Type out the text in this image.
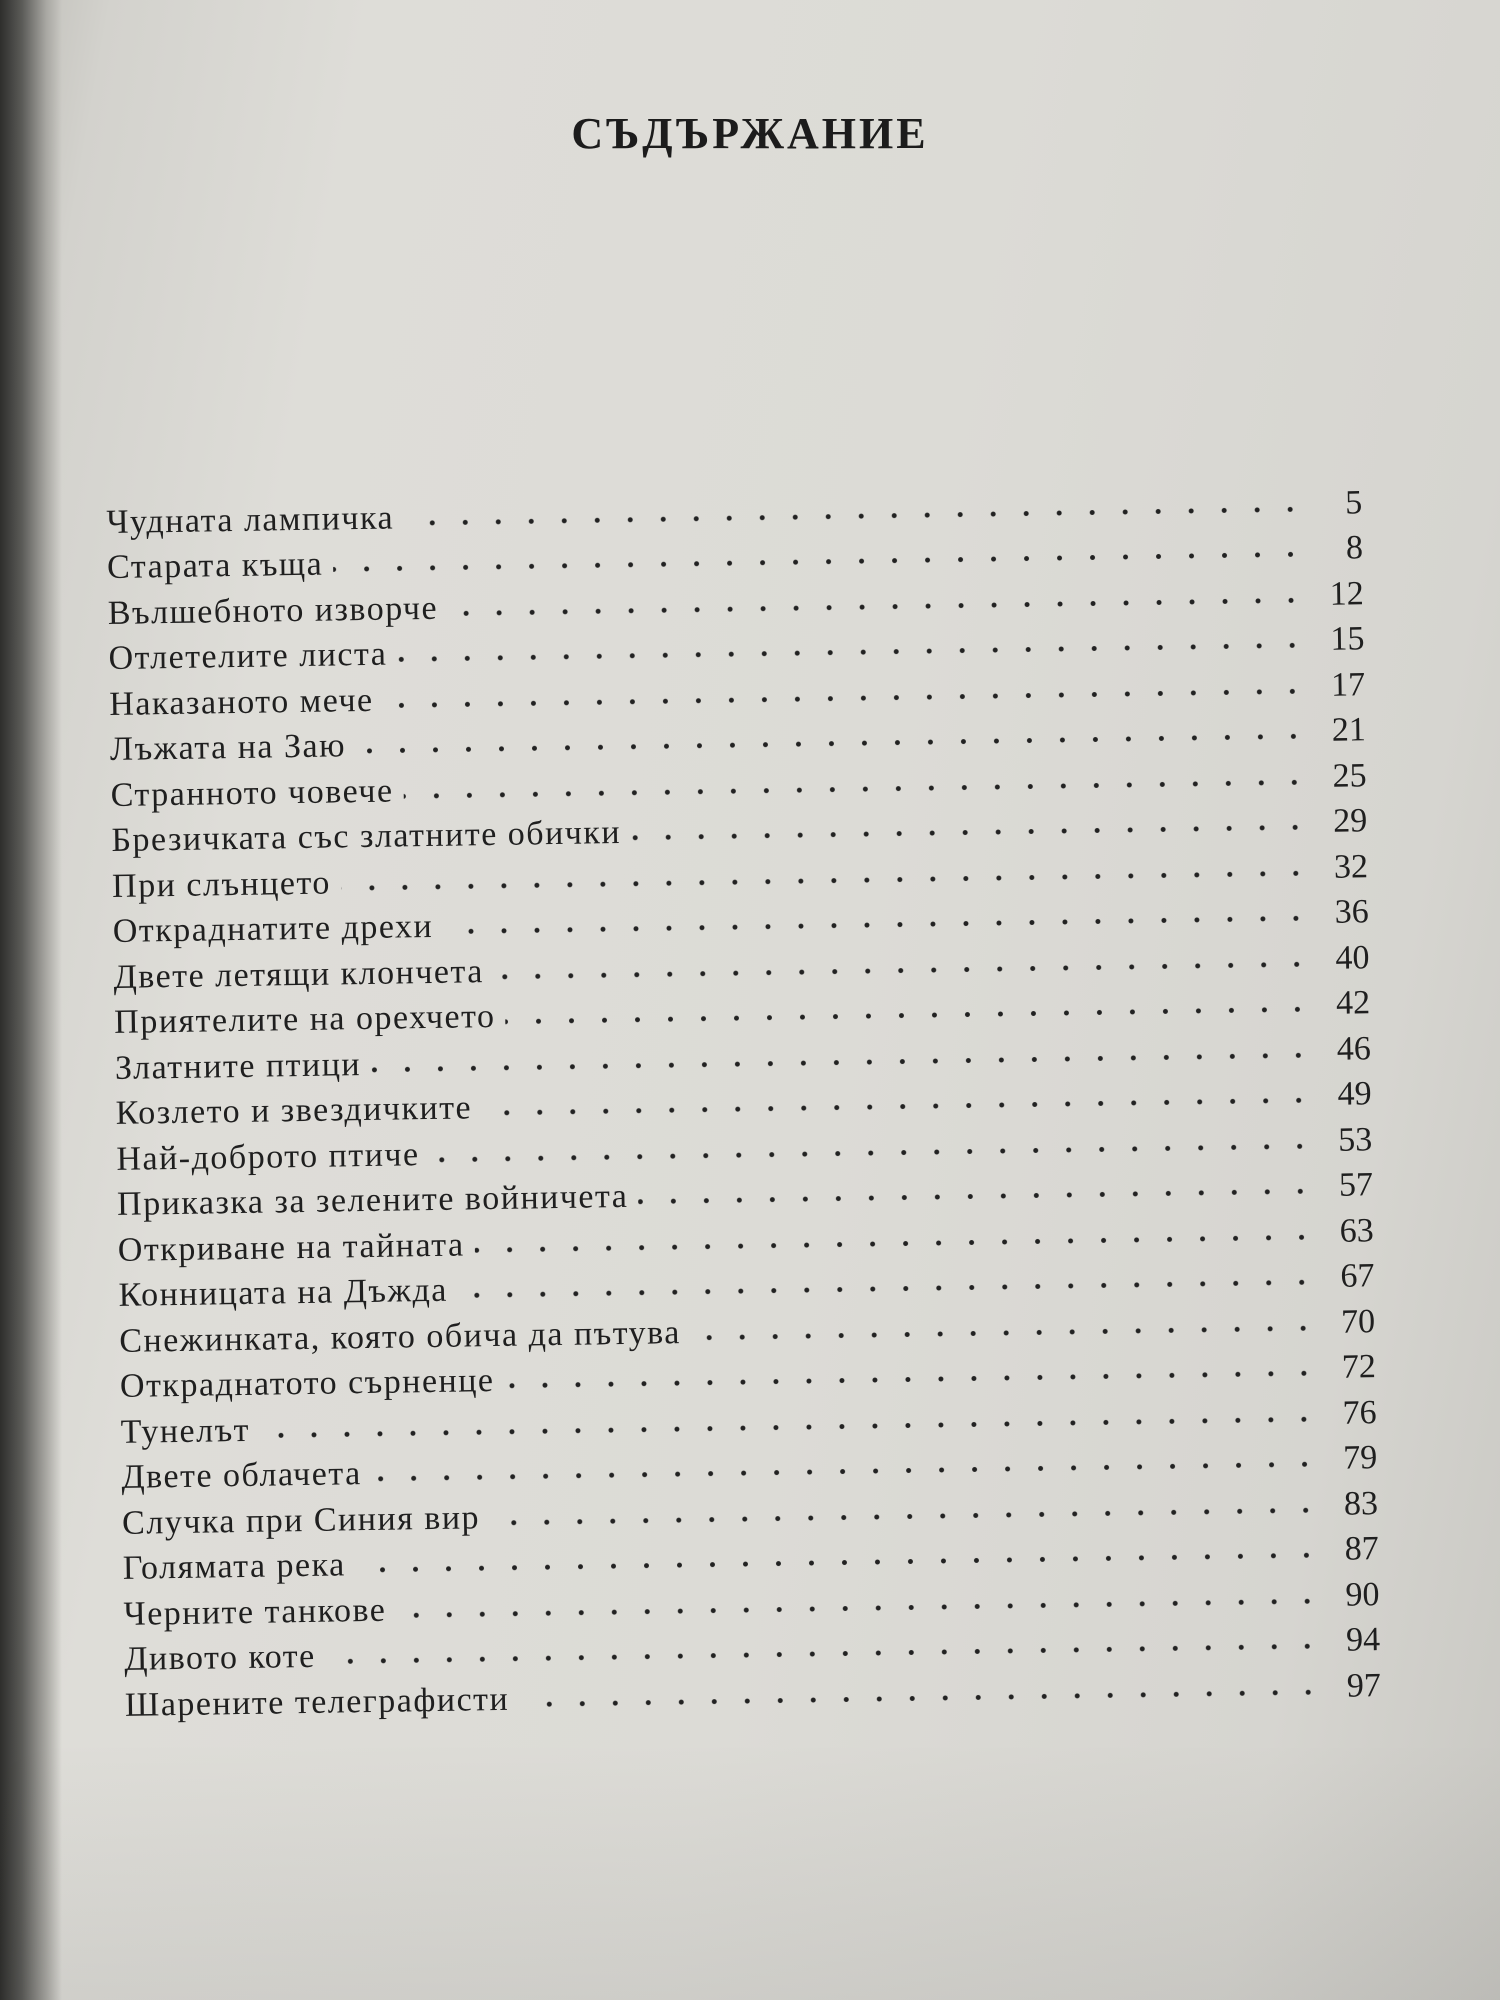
СЪДЪРЖАНИЕ
Чудната лампичка	5
Старата къща	8
Вълшебното изворче	12
Отлетелите листа	15
Наказаното мече	17
Лъжата на Заю	21
Странното човече	25
Брезичката със златните обички	29
При слънцето	32
Откраднатите дрехи	36
Двете летящи клончета	40
Приятелите на орехчето	42
Златните птици	46
Козлето и звездичките	49
Най-доброто птиче	53
Приказка за зелените войничета	57
Откриване на тайната	63
Конницата на Дъжда	67
Снежинката, която обича да пътува	70
Откраднатото сърненце	72
Тунелът	76
Двете облачета	79
Случка при Синия вир	83
Голямата река	87
Черните танкове	90
Дивото коте	94
Шарените телеграфисти	97
